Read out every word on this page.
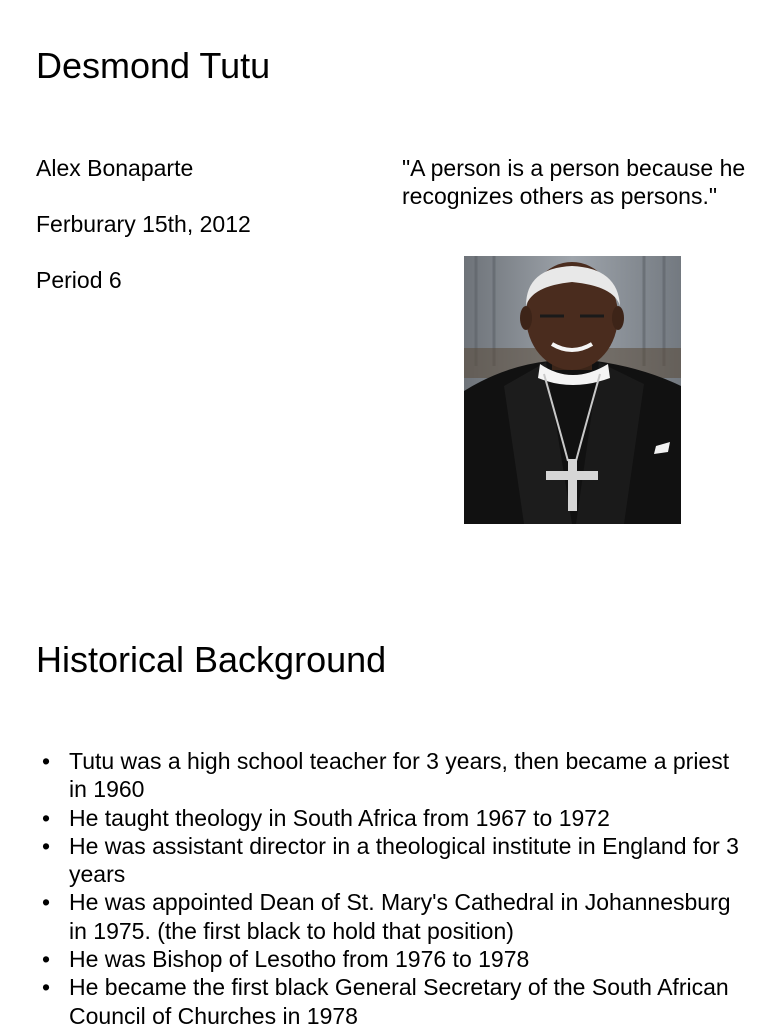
Desmond Tutu
Alex Bonaparte
Ferburary 15th, 2012
Period 6

"A person is a person because he recognizes others as persons."

Historical Background
• Tutu was a high school teacher for 3 years, then became a priest in 1960
• He taught theology in South Africa from 1967 to 1972
• He was assistant director in a theological institute in England for 3 years
• He was appointed Dean of St. Mary's Cathedral in Johannesburg in 1975. (the first black to hold that position)
• He was Bishop of Lesotho from 1976 to 1978
• He became the first black General Secretary of the South African Council of Churches in 1978
